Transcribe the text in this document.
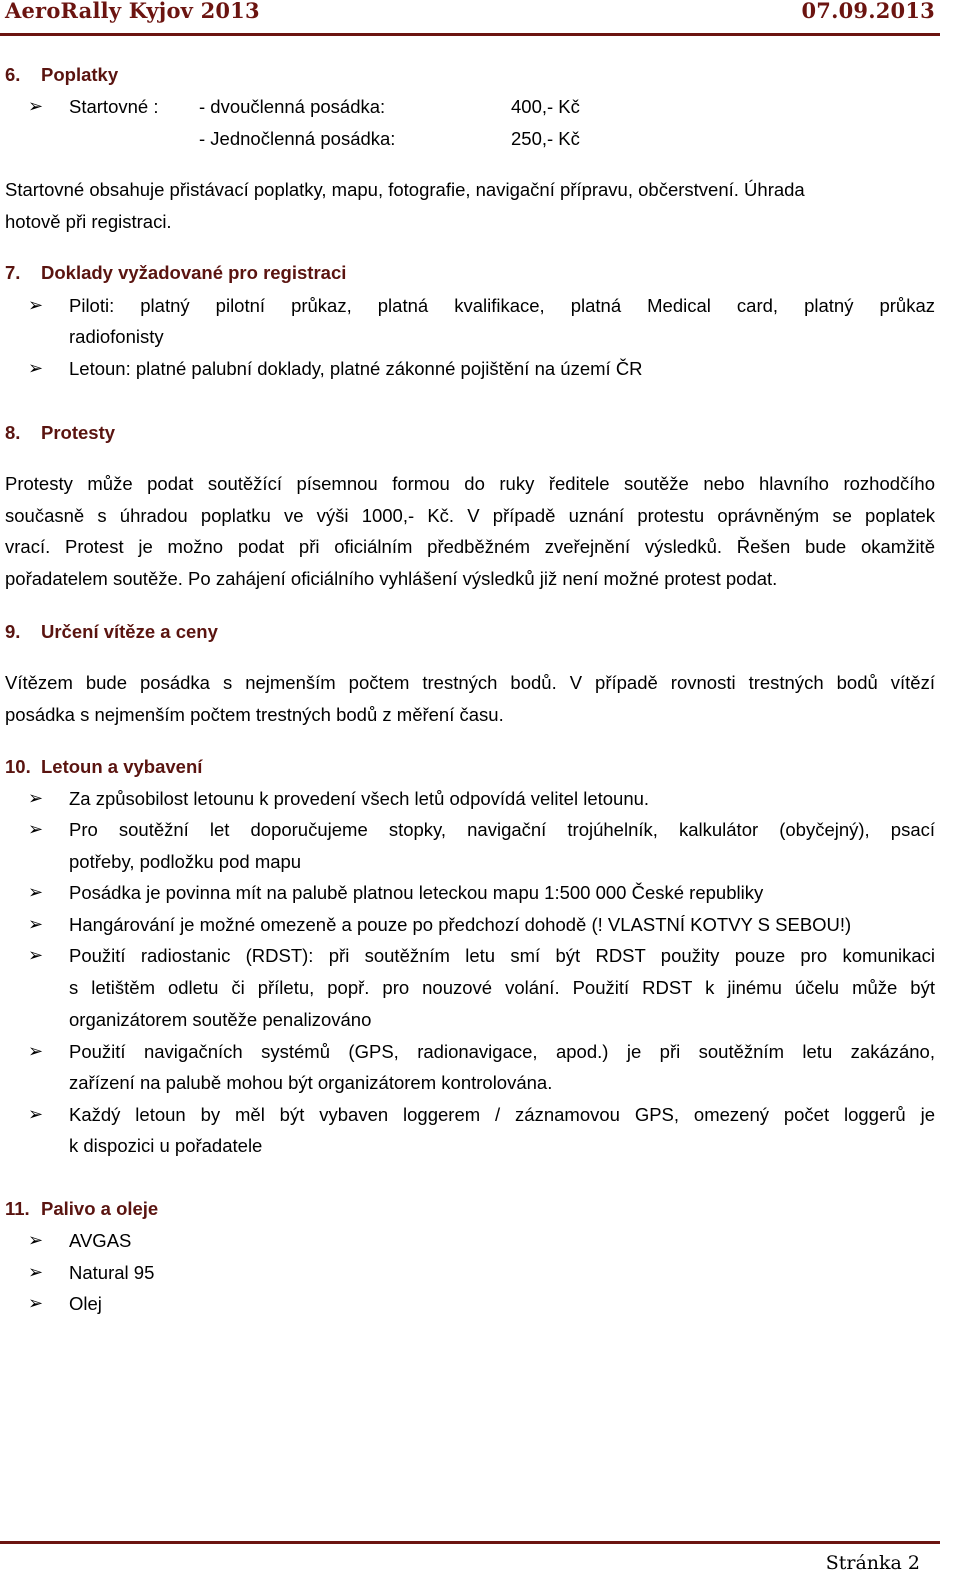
AeroRally Kyjov 2013	07.09.2013
6. Poplatky
➢	Startovné : - dvoučlenná posádka:	400,- Kč
- Jednočlenná posádka:	250,- Kč
Startovné obsahuje přistávací poplatky, mapu, fotografie, navigační přípravu, občerstvení. Úhrada
hotově při registraci.
7. Doklady vyžadované pro registraci
➢	Piloti: platný pilotní průkaz, platná kvalifikace, platná Medical card, platný průkaz
radiofonisty
➢	Letoun: platné palubní doklady, platné zákonné pojištění na území ČR
8. Protesty
Protesty může podat soutěžící písemnou formou do ruky ředitele soutěže nebo hlavního rozhodčího
současně s úhradou poplatku ve výši 1000,- Kč. V případě uznání protestu oprávněným se poplatek
vrací. Protest je možno podat při oficiálním předběžném zveřejnění výsledků. Řešen bude okamžitě
pořadatelem soutěže. Po zahájení oficiálního vyhlášení výsledků již není možné protest podat.
9. Určení vítěze a ceny
Vítězem bude posádka s nejmenším počtem trestných bodů. V případě rovnosti trestných bodů vítězí
posádka s nejmenším počtem trestných bodů z měření času.
10. Letoun a vybavení
➢	Za způsobilost letounu k provedení všech letů odpovídá velitel letounu.
➢	Pro soutěžní let doporučujeme stopky, navigační trojúhelník, kalkulátor (obyčejný), psací
potřeby, podložku pod mapu
➢	Posádka je povinna mít na palubě platnou leteckou mapu 1:500 000 České republiky
➢	Hangárování je možné omezeně a pouze po předchozí dohodě (! VLASTNÍ KOTVY S SEBOU!)
➢	Použití radiostanic (RDST): při soutěžním letu smí být RDST použity pouze pro komunikaci
s letištěm odletu či příletu, popř. pro nouzové volání. Použití RDST k jinému účelu může být
organizátorem soutěže penalizováno
➢	Použití navigačních systémů (GPS, radionavigace, apod.) je při soutěžním letu zakázáno,
zařízení na palubě mohou být organizátorem kontrolována.
➢	Každý letoun by měl být vybaven loggerem / záznamovou GPS, omezený počet loggerů je
k dispozici u pořadatele
11. Palivo a oleje
➢	AVGAS
➢	Natural 95
➢	Olej
Stránka 2
